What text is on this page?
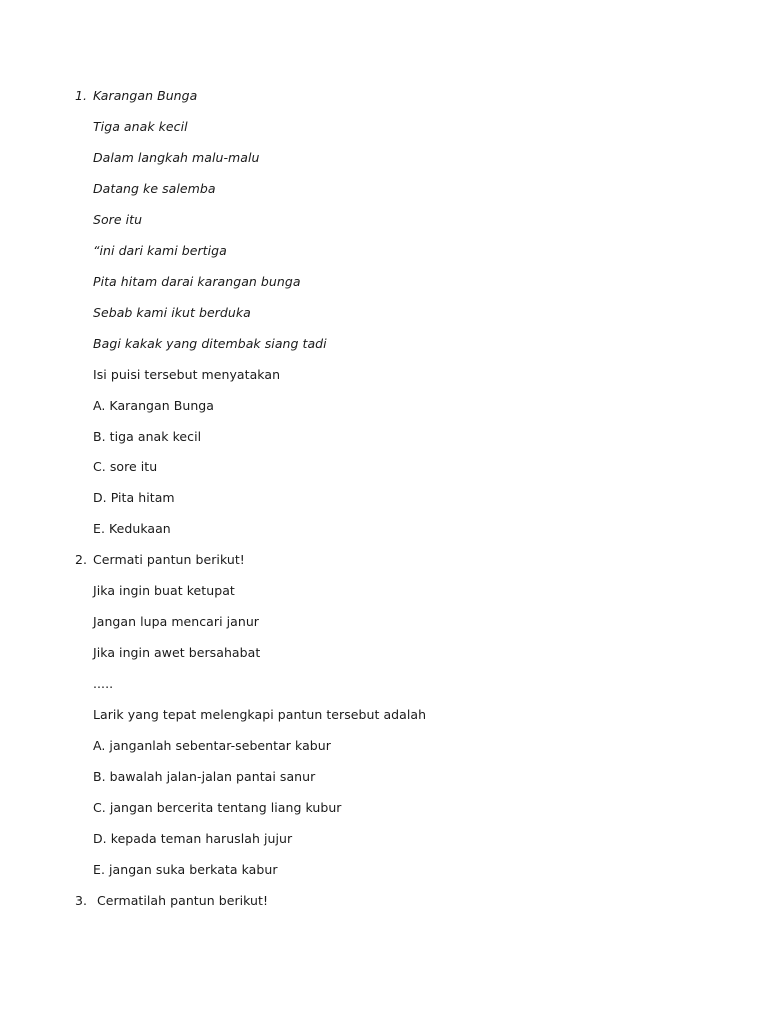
1. Karangan Bunga
Tiga anak kecil
Dalam langkah malu-malu
Datang ke salemba
Sore itu
“ini dari kami bertiga
Pita hitam darai karangan bunga
Sebab kami ikut berduka
Bagi kakak yang ditembak siang tadi
Isi puisi tersebut menyatakan
A. Karangan Bunga
B. tiga anak kecil
C. sore itu
D. Pita hitam
E. Kedukaan
2. Cermati pantun berikut!
Jika ingin buat ketupat
Jangan lupa mencari janur
Jika ingin awet bersahabat
.....
Larik yang tepat melengkapi pantun tersebut adalah
A. janganlah sebentar-sebentar kabur
B. bawalah jalan-jalan pantai sanur
C. jangan bercerita tentang liang kubur
D. kepada teman haruslah jujur
E. jangan suka berkata kabur
3. Cermatilah pantun berikut!
